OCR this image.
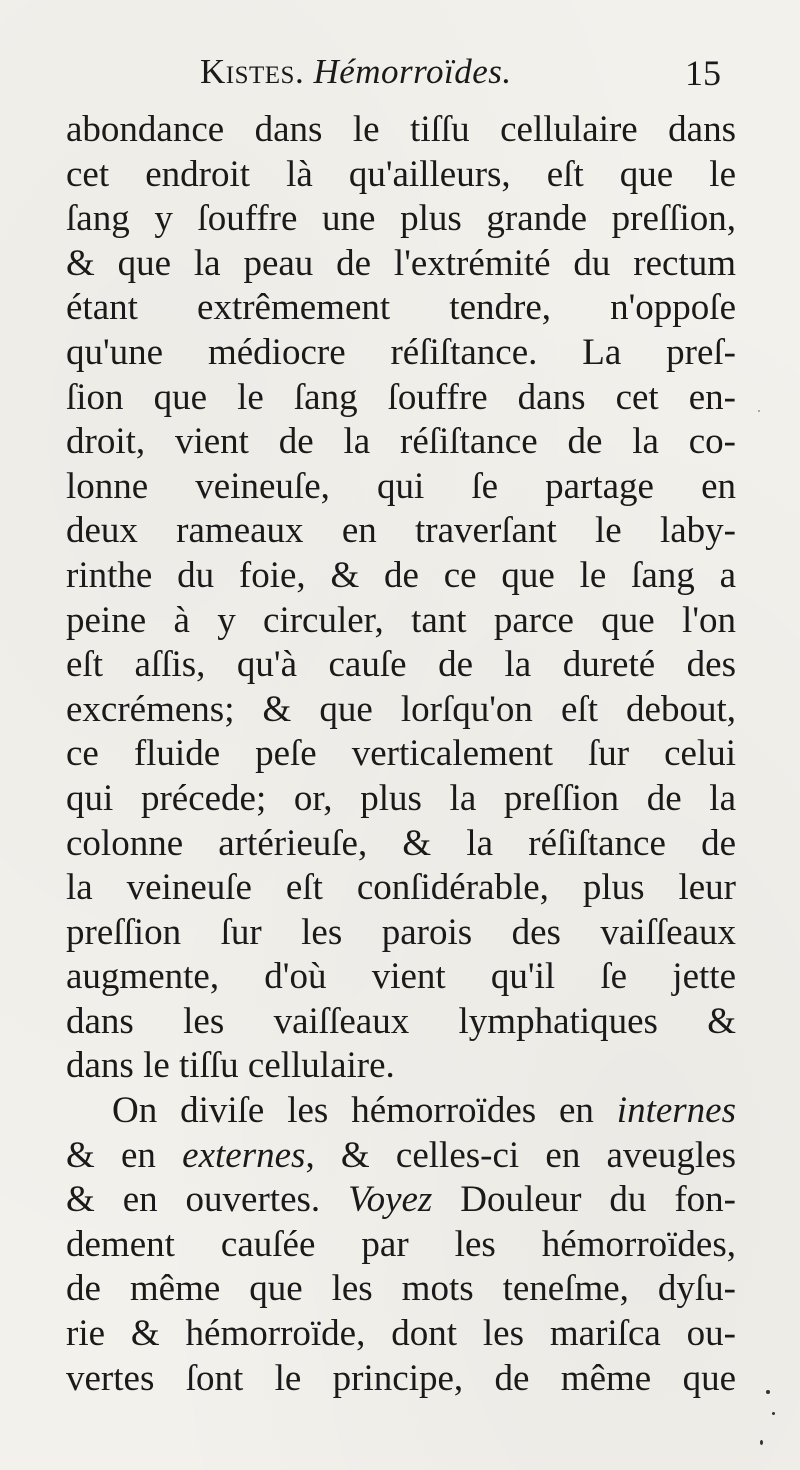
Kistes. Hémorroïdes.	15
abondance dans le tiſſu cellulaire dans
cet endroit là qu'ailleurs, eſt que le
ſang y ſouffre une plus grande preſſion,
& que la peau de l'extrémité du rectum
étant extrêmement tendre, n'oppoſe
qu'une médiocre réſiſtance. La preſ-
ſion que le ſang ſouffre dans cet en-
droit, vient de la réſiſtance de la co-
lonne veineuſe, qui ſe partage en
deux rameaux en traverſant le laby-
rinthe du foie, & de ce que le ſang a
peine à y circuler, tant parce que l'on
eſt aſſis, qu'à cauſe de la dureté des
excrémens; & que lorſqu'on eſt debout,
ce fluide peſe verticalement ſur celui
qui précede; or, plus la preſſion de la
colonne artérieuſe, & la réſiſtance de
la veineuſe eſt conſidérable, plus leur
preſſion ſur les parois des vaiſſeaux
augmente, d'où vient qu'il ſe jette
dans les vaiſſeaux lymphatiques &
dans le tiſſu cellulaire.
On diviſe les hémorroïdes en internes
& en externes, & celles-ci en aveugles
& en ouvertes. Voyez Douleur du fon-
dement cauſée par les hémorroïdes,
de même que les mots teneſme, dyſu-
rie & hémorroïde, dont les mariſca ou-
vertes ſont le principe, de même que
